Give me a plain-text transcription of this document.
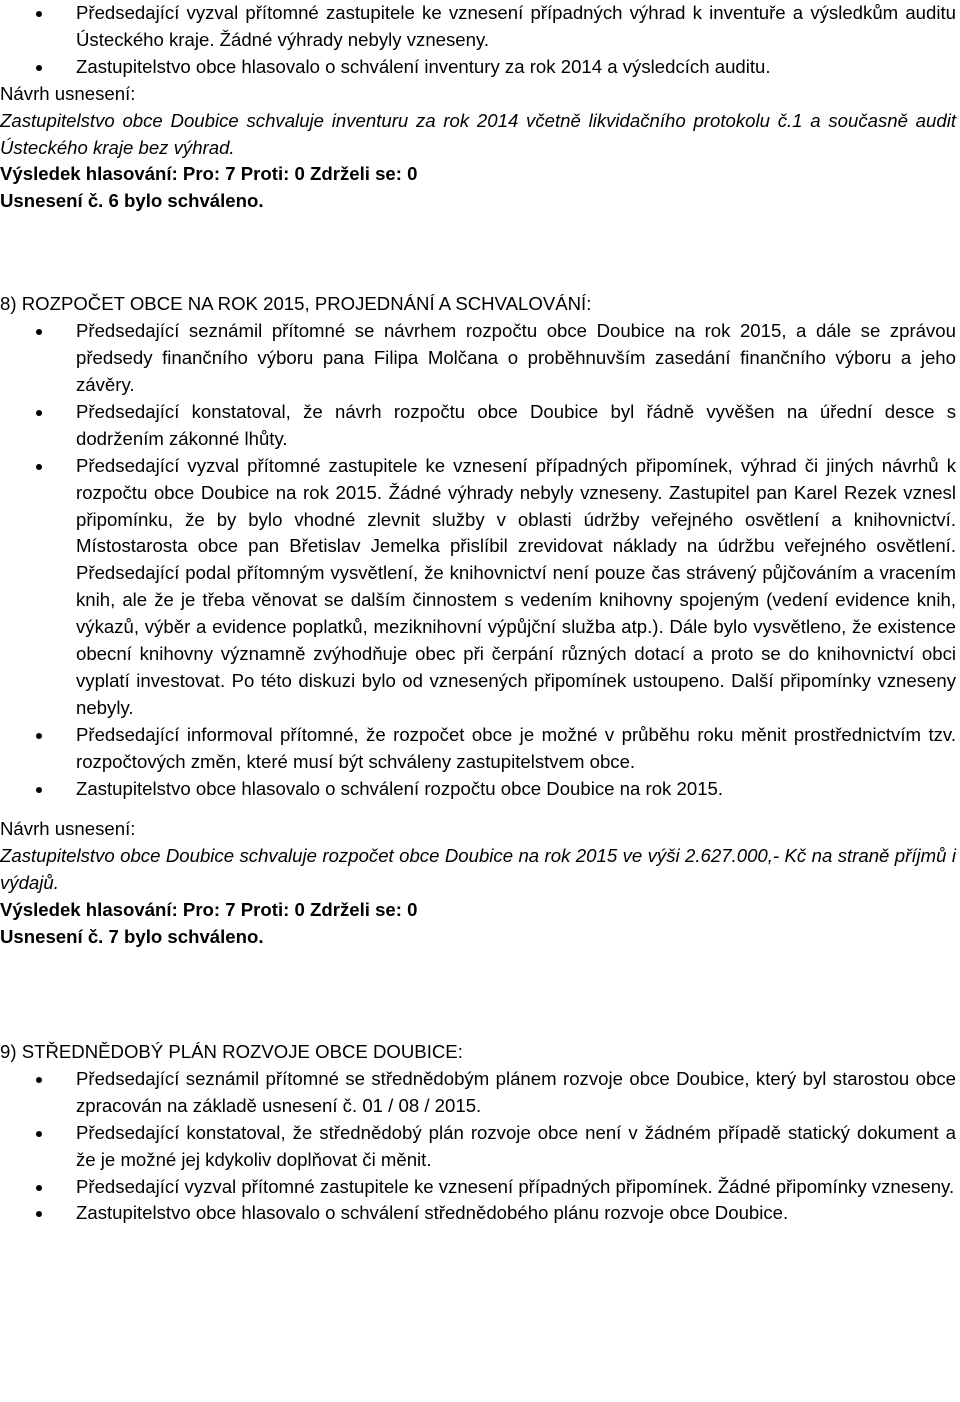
Předsedající vyzval přítomné zastupitele ke vznesení případných výhrad k inventuře a výsledkům auditu Ústeckého kraje. Žádné výhrady nebyly vzneseny.
Zastupitelstvo obce hlasovalo o schválení inventury za rok 2014 a výsledcích auditu.

Návrh usnesení:

Zastupitelstvo obce Doubice schvaluje inventuru za rok 2014 včetně likvidačního protokolu č.1 a současně audit Ústeckého kraje bez výhrad.

Výsledek hlasování: Pro: 7 Proti: 0 Zdrželi se: 0

Usnesení č. 6 bylo schváleno.

8) ROZPOČET OBCE NA ROK 2015, PROJEDNÁNÍ A SCHVALOVÁNÍ:

Předsedající seznámil přítomné se návrhem rozpočtu obce Doubice na rok 2015, a dále se zprávou předsedy finančního výboru pana Filipa Molčana o proběhnuvším zasedání finančního výboru a jeho závěry.
Předsedající konstatoval, že návrh rozpočtu obce Doubice byl řádně vyvěšen na úřední desce s dodržením zákonné lhůty.
Předsedající vyzval přítomné zastupitele ke vznesení případných připomínek, výhrad či jiných návrhů k rozpočtu obce Doubice na rok 2015. Žádné výhrady nebyly vzneseny. Zastupitel pan Karel Rezek vznesl připomínku, že by bylo vhodné zlevnit služby v oblasti údržby veřejného osvětlení a knihovnictví. Místostarosta obce pan Břetislav Jemelka přislíbil zrevidovat náklady na údržbu veřejného osvětlení. Předsedající podal přítomným vysvětlení, že knihovnictví není pouze čas strávený půjčováním a vracením knih, ale že je třeba věnovat se dalším činnostem s vedením knihovny spojeným (vedení evidence knih, výkazů, výběr a evidence poplatků, meziknihovní výpůjční služba atp.). Dále bylo vysvětleno, že existence obecní knihovny významně zvýhodňuje obec při čerpání různých dotací a proto se do knihovnictví obci vyplatí investovat. Po této diskuzi bylo od vznesených připomínek ustoupeno. Další připomínky vzneseny nebyly.
Předsedající informoval přítomné, že rozpočet obce je možné v průběhu roku měnit prostřednictvím tzv. rozpočtových změn, které musí být schváleny zastupitelstvem obce.
Zastupitelstvo obce hlasovalo o schválení rozpočtu obce Doubice na rok 2015.

Návrh usnesení:

Zastupitelstvo obce Doubice schvaluje rozpočet obce Doubice na rok 2015 ve výši 2.627.000,- Kč na straně příjmů i výdajů.

Výsledek hlasování: Pro: 7 Proti: 0 Zdrželi se: 0

Usnesení č. 7 bylo schváleno.

9) STŘEDNĚDOBÝ PLÁN ROZVOJE OBCE DOUBICE:

Předsedající seznámil přítomné se střednědobým plánem rozvoje obce Doubice, který byl starostou obce zpracován na základě usnesení č. 01 / 08 / 2015.
Předsedající konstatoval, že střednědobý plán rozvoje obce není v žádném případě statický dokument a že je možné jej kdykoliv doplňovat či měnit.
Předsedající vyzval přítomné zastupitele ke vznesení případných připomínek. Žádné připomínky vzneseny.
Zastupitelstvo obce hlasovalo o schválení střednědobého plánu rozvoje obce Doubice.
